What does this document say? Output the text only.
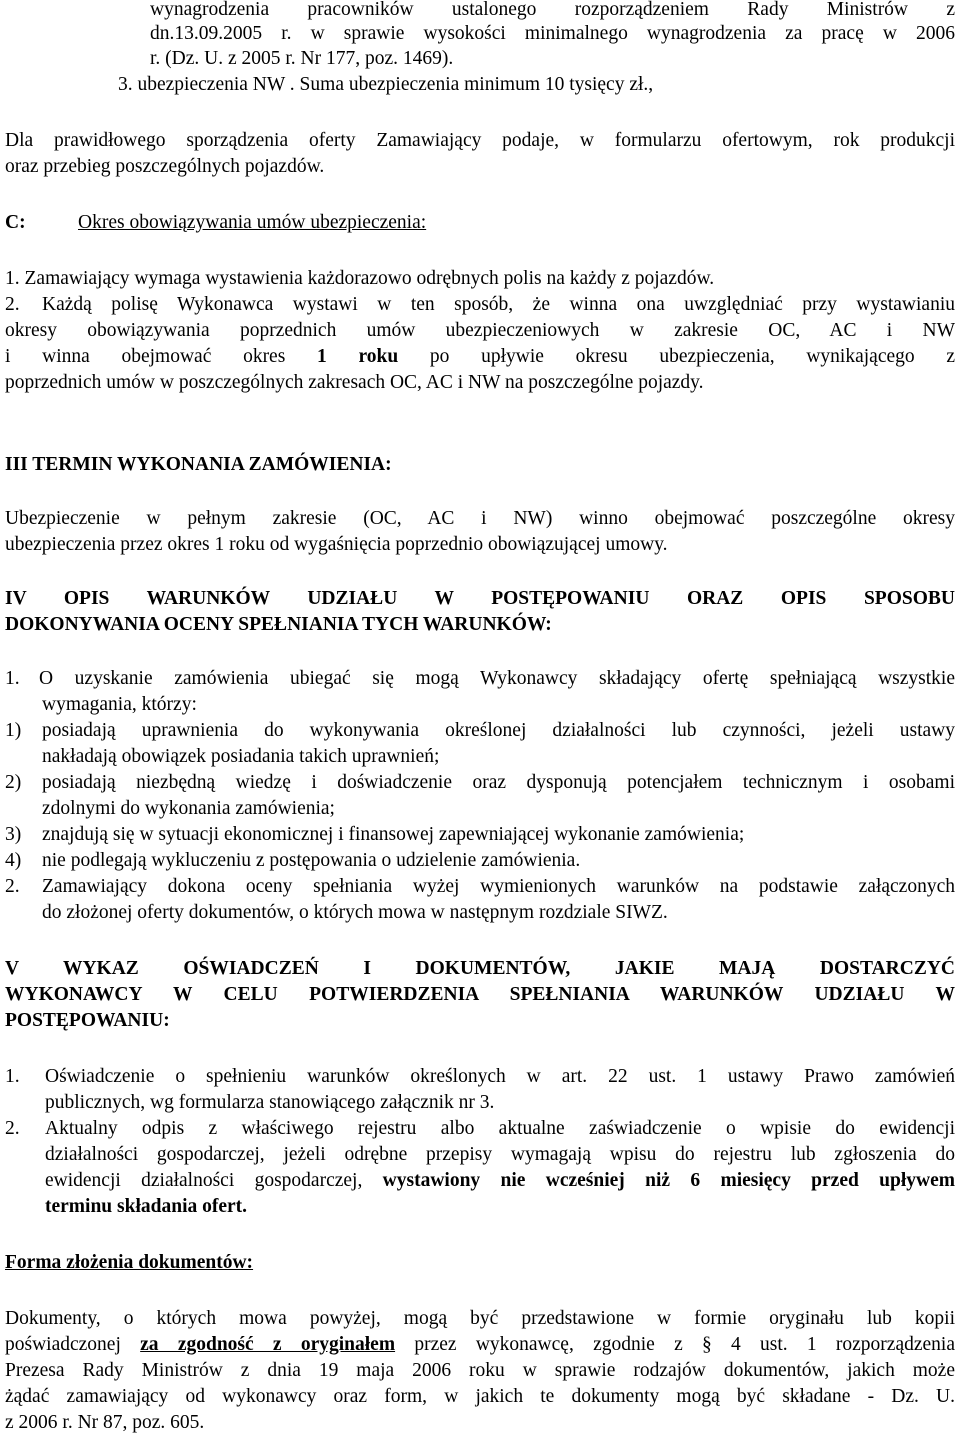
wynagrodzenia pracowników ustalonego rozporządzeniem Rady Ministrów z
dn.13.09.2005 r. w sprawie wysokości minimalnego wynagrodzenia za pracę w 2006
r. (Dz. U. z 2005 r. Nr 177, poz. 1469).
3. ubezpieczenia NW . Suma ubezpieczenia minimum 10 tysięcy zł.,
Dla prawidłowego sporządzenia oferty Zamawiający podaje, w formularzu ofertowym, rok produkcji
oraz przebieg poszczególnych pojazdów.
C:	Okres obowiązywania umów ubezpieczenia:
1. Zamawiający wymaga wystawienia każdorazowo odrębnych polis na każdy z pojazdów.
2. Każdą polisę Wykonawca wystawi w ten sposób, że winna ona uwzględniać przy wystawianiu
okresy obowiązywania poprzednich umów ubezpieczeniowych w zakresie OC, AC i NW
i winna obejmować okres 1 roku po upływie okresu ubezpieczenia, wynikającego z
poprzednich umów w poszczególnych zakresach OC, AC i NW na poszczególne pojazdy.
III TERMIN WYKONANIA ZAMÓWIENIA:
Ubezpieczenie w pełnym zakresie (OC, AC i NW) winno obejmować poszczególne okresy
ubezpieczenia przez okres 1 roku od wygaśnięcia poprzednio obowiązującej umowy.
IV OPIS WARUNKÓW UDZIAŁU W POSTĘPOWANIU ORAZ OPIS SPOSOBU
DOKONYWANIA OCENY SPEŁNIANIA TYCH WARUNKÓW:
1. O uzyskanie zamówienia ubiegać się mogą Wykonawcy składający ofertę spełniającą wszystkie
wymagania, którzy:
1) posiadają uprawnienia do wykonywania określonej działalności lub czynności, jeżeli ustawy
nakładają obowiązek posiadania takich uprawnień;
2) posiadają niezbędną wiedzę i doświadczenie oraz dysponują potencjałem technicznym i osobami
zdolnymi do wykonania zamówienia;
3) znajdują się w sytuacji ekonomicznej i finansowej zapewniającej wykonanie zamówienia;
4) nie podlegają wykluczeniu z postępowania o udzielenie zamówienia.
2. Zamawiający dokona oceny spełniania wyżej wymienionych warunków na podstawie załączonych
do złożonej oferty dokumentów, o których mowa w następnym rozdziale SIWZ.
V WYKAZ OŚWIADCZEŃ I DOKUMENTÓW, JAKIE MAJĄ DOSTARCZYĆ
WYKONAWCY W CELU POTWIERDZENIA SPEŁNIANIA WARUNKÓW UDZIAŁU W
POSTĘPOWANIU:
1. Oświadczenie o spełnieniu warunków określonych w art. 22 ust. 1 ustawy Prawo zamówień
publicznych, wg formularza stanowiącego załącznik nr 3.
2. Aktualny odpis z właściwego rejestru albo aktualne zaświadczenie o wpisie do ewidencji
działalności gospodarczej, jeżeli odrębne przepisy wymagają wpisu do rejestru lub zgłoszenia do
ewidencji działalności gospodarczej, wystawiony nie wcześniej niż 6 miesięcy przed upływem
terminu składania ofert.
Forma złożenia dokumentów:
Dokumenty, o których mowa powyżej, mogą być przedstawione w formie oryginału lub kopii
poświadczonej za zgodność z oryginałem przez wykonawcę, zgodnie z § 4 ust. 1 rozporządzenia
Prezesa Rady Ministrów z dnia 19 maja 2006 roku w sprawie rodzajów dokumentów, jakich może
żądać zamawiający od wykonawcy oraz form, w jakich te dokumenty mogą być składane - Dz. U.
z 2006 r. Nr 87, poz. 605.
